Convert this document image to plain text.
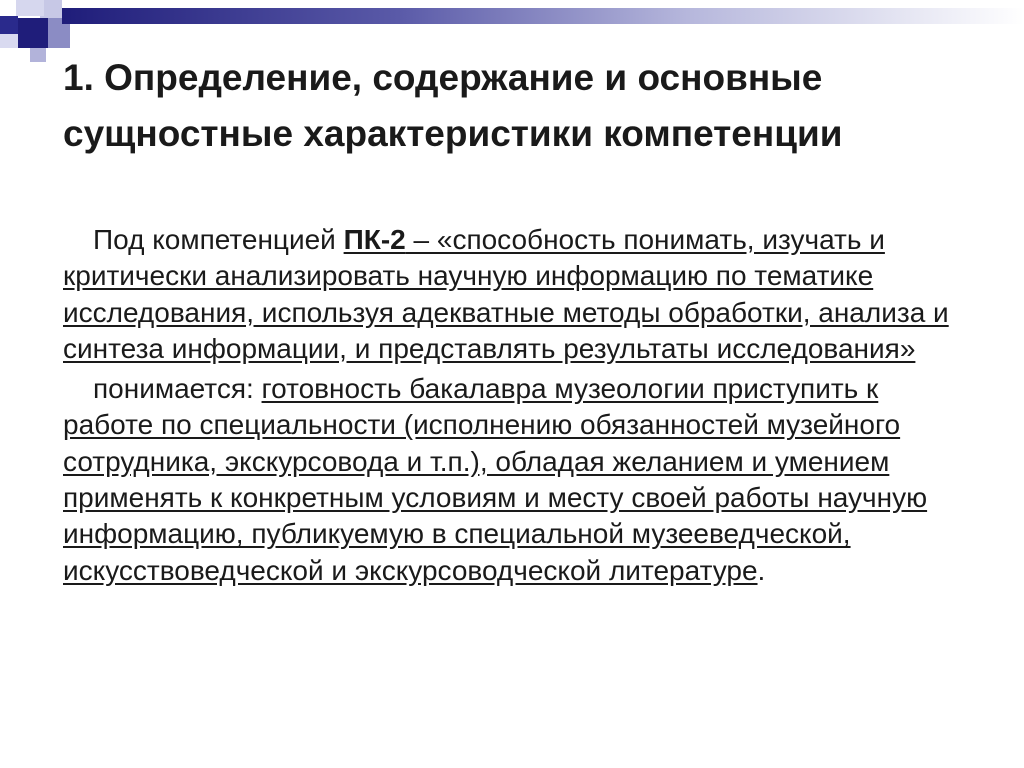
1. Определение, содержание и основные сущностные характеристики компетенции

Под компетенцией ПК-2 – «способность понимать, изучать и критически анализировать научную информацию по тематике исследования, используя адекватные методы обработки, анализа и синтеза информации, и представлять результаты исследования»

понимается: готовность бакалавра музеологии приступить к работе по специальности (исполнению обязанностей музейного сотрудника, экскурсовода и т.п.), обладая желанием и умением применять к конкретным условиям и месту своей работы научную информацию, публикуемую в специальной музееведческой, искусствоведческой и экскурсоводческой литературе.
